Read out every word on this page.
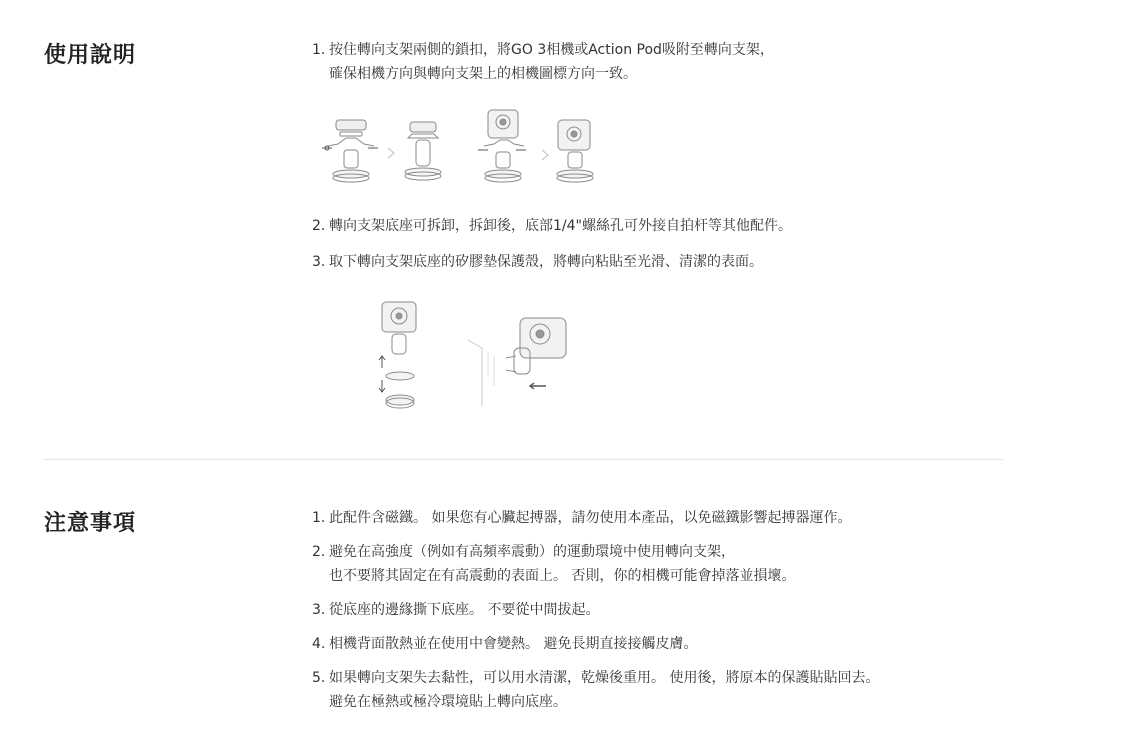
使用說明	1. 按住轉向支架兩側的鎖扣，將GO 3相機或Action Pod吸附至轉向支架，
確保相機方向與轉向支架上的相機圖標方向一致。
2. 轉向支架底座可拆卸，拆卸後，底部1/4"螺絲孔可外接自拍杆等其他配件。
3. 取下轉向支架底座的矽膠墊保護殼，將轉向粘貼至光滑、清潔的表面。
注意事項	1. 此配件含磁鐵。 如果您有心臟起搏器，請勿使用本產品，以免磁鐵影響起搏器運作。
2. 避免在高強度（例如有高頻率震動）的運動環境中使用轉向支架，
也不要將其固定在有高震動的表面上。 否則，你的相機可能會掉落並損壞。
3. 從底座的邊緣撕下底座。 不要從中間拔起。
4. 相機背面散熱並在使用中會變熱。 避免長期直接接觸皮膚。
5. 如果轉向支架失去黏性，可以用水清潔，乾燥後重用。 使用後，將原本的保護貼貼回去。
避免在極熱或極冷環境貼上轉向底座。
